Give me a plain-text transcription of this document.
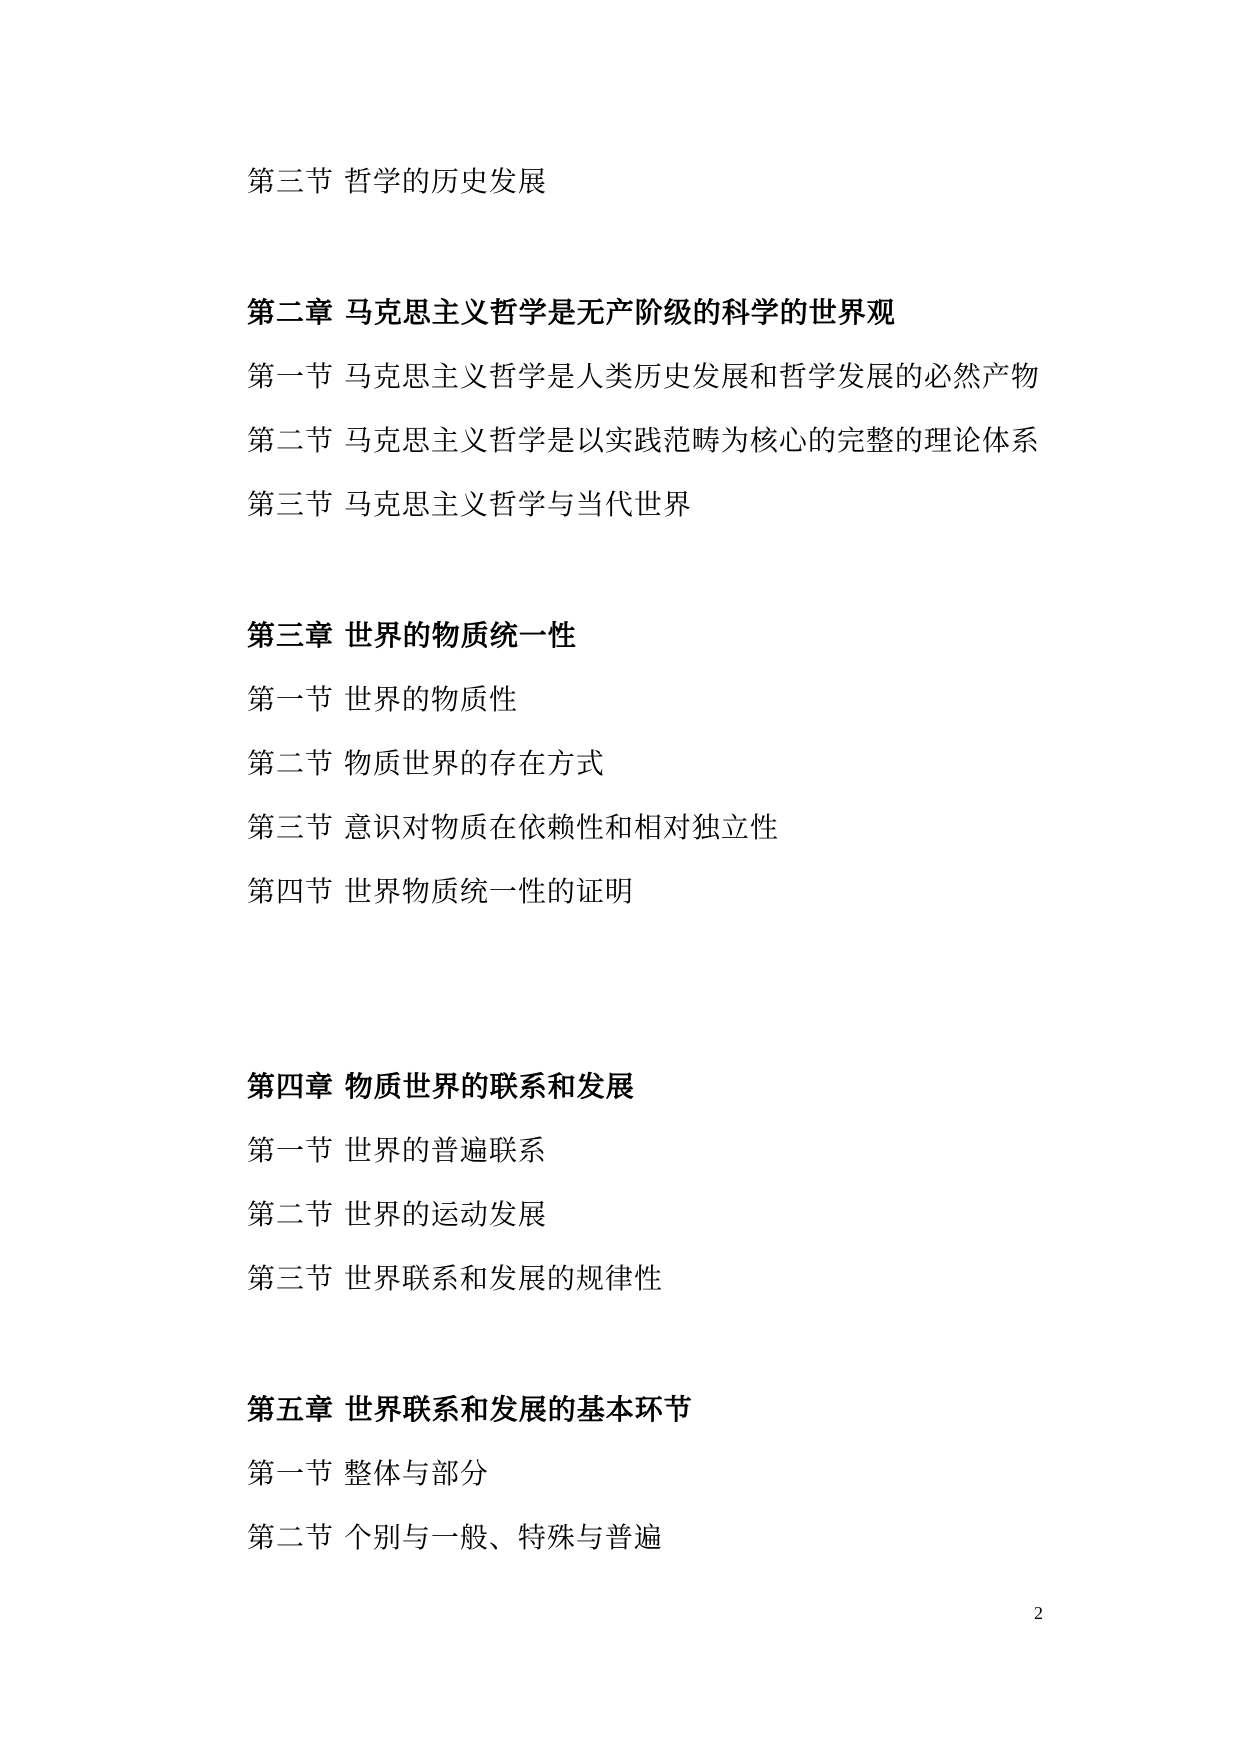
第三节 哲学的历史发展
第二章 马克思主义哲学是无产阶级的科学的世界观
第一节 马克思主义哲学是人类历史发展和哲学发展的必然产物
第二节 马克思主义哲学是以实践范畴为核心的完整的理论体系
第三节 马克思主义哲学与当代世界
第三章 世界的物质统一性
第一节 世界的物质性
第二节 物质世界的存在方式
第三节 意识对物质在依赖性和相对独立性
第四节 世界物质统一性的证明
第四章 物质世界的联系和发展
第一节 世界的普遍联系
第二节 世界的运动发展
第三节 世界联系和发展的规律性
第五章 世界联系和发展的基本环节
第一节 整体与部分
第二节 个别与一般、特殊与普遍
2
